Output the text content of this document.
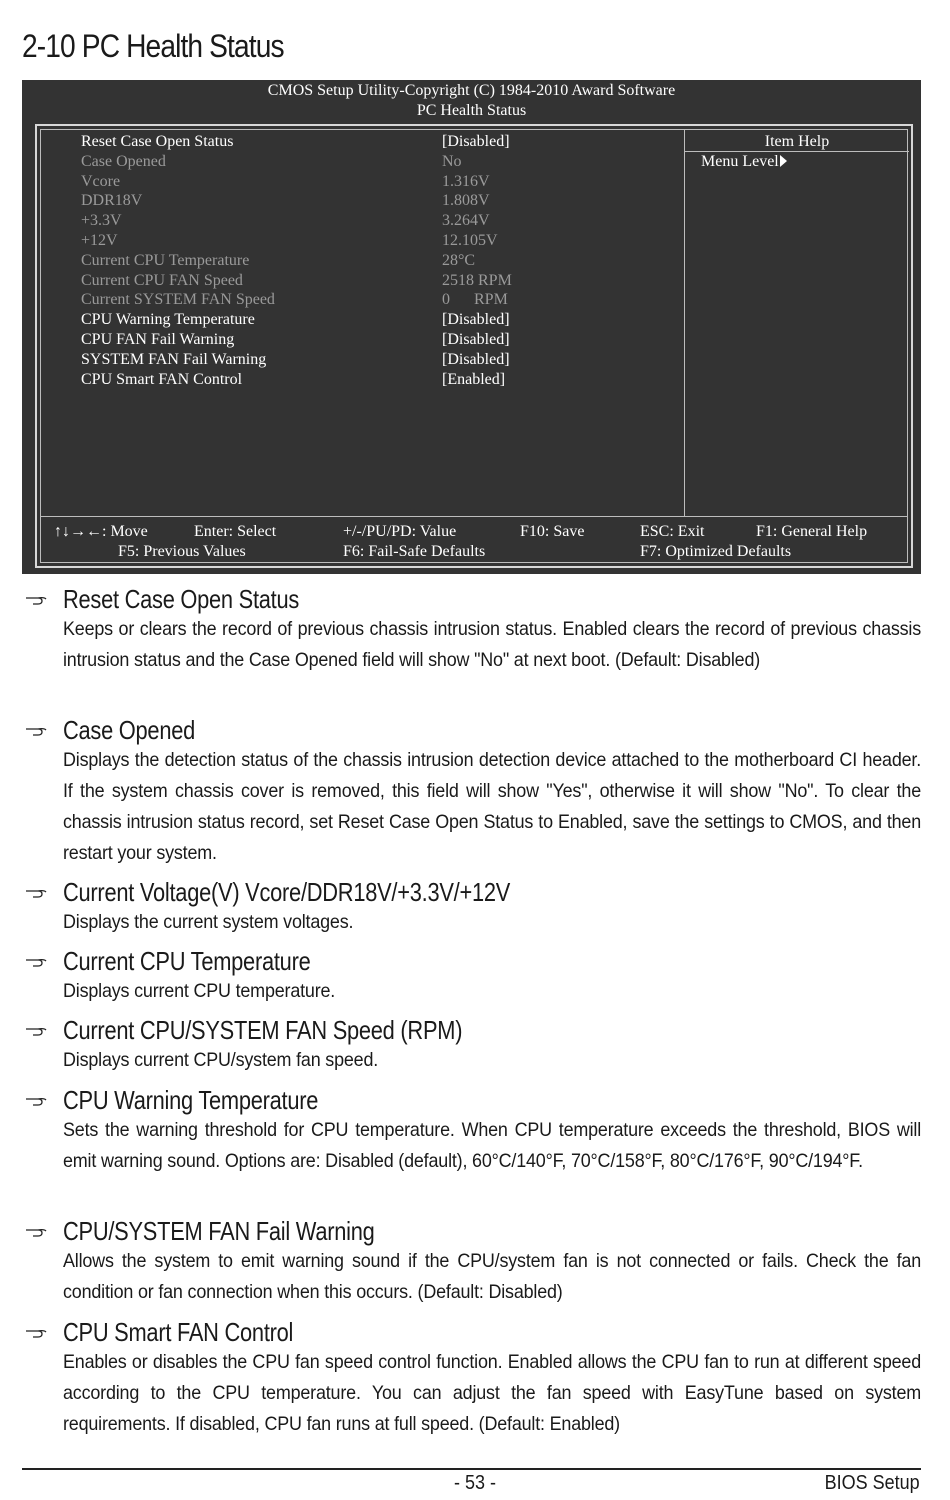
2-10 PC Health Status
CMOS Setup Utility-Copyright (C) 1984-2010 Award Software
PC Health Status
Item Help
Menu Level
Reset Case Open Status	[Disabled]
Case Opened	No
Vcore	1.316V
DDR18V	1.808V
+3.3V	3.264V
+12V	12.105V
Current CPU Temperature	28°C
Current CPU FAN Speed	2518 RPM
Current SYSTEM FAN Speed	0      RPM
CPU Warning Temperature	[Disabled]
CPU FAN Fail Warning	[Disabled]
SYSTEM FAN Fail Warning	[Disabled]
CPU Smart FAN Control	[Enabled]
↑↓→←: Move	Enter: Select	+/-/PU/PD: Value	F10: Save	ESC: Exit	F1: General Help
F5: Previous Values	F6: Fail-Safe Defaults	F7: Optimized Defaults
Reset Case Open Status
Keeps or clears the record of previous chassis intrusion status. Enabled clears the record of previous chassis intrusion status and the Case Opened field will show "No" at next boot. (Default: Disabled)
Case Opened
Displays the detection status of the chassis intrusion detection device attached to the motherboard CI header. If the system chassis cover is removed, this field will show "Yes", otherwise it will show "No". To clear the chassis intrusion status record, set Reset Case Open Status to Enabled, save the settings to CMOS, and then restart your system.
Current Voltage(V) Vcore/DDR18V/+3.3V/+12V
Displays the current system voltages.
Current CPU Temperature
Displays current CPU temperature.
Current CPU/SYSTEM FAN Speed (RPM)
Displays current CPU/system fan speed.
CPU Warning Temperature
Sets the warning threshold for CPU temperature. When CPU temperature exceeds the threshold, BIOS will emit warning sound. Options are: Disabled (default), 60°C/140°F, 70°C/158°F, 80°C/176°F, 90°C/194°F.
CPU/SYSTEM FAN Fail Warning
Allows the system to emit warning sound if the CPU/system fan is not connected or fails. Check the fan condition or fan connection when this occurs. (Default: Disabled)
CPU Smart FAN Control
Enables or disables the CPU fan speed control function. Enabled allows the CPU fan to run at different speed according to the CPU temperature. You can adjust the fan speed with EasyTune based on system requirements. If disabled, CPU fan runs at full speed. (Default: Enabled)
- 53 -	BIOS Setup
